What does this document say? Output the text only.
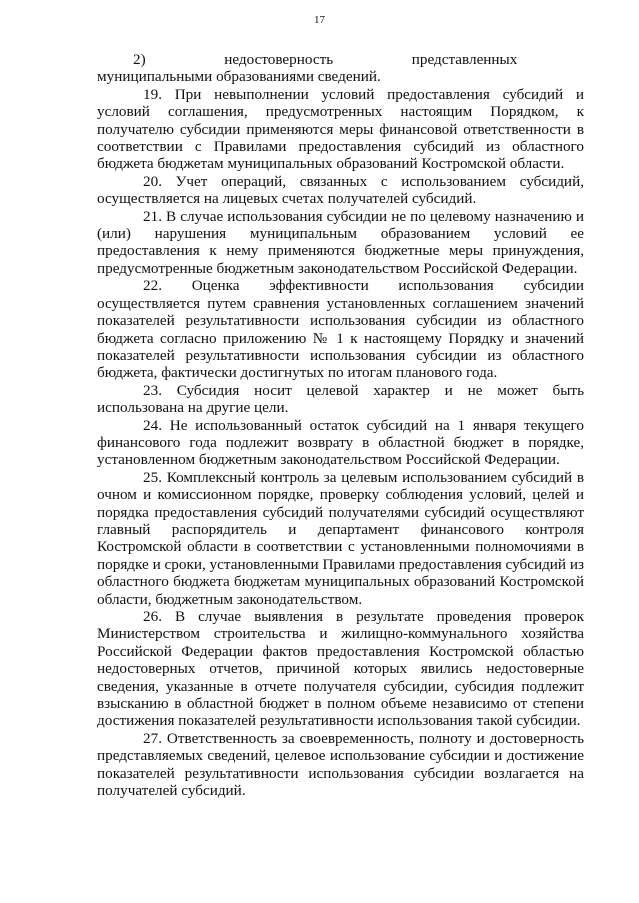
17

2)          недостоверность          представленных          муниципальными образованиями сведений.

19. При невыполнении условий предоставления субсидий и условий соглашения, предусмотренных настоящим Порядком, к получателю субсидии применяются меры финансовой ответственности в соответствии с Правилами предоставления субсидий из областного бюджета бюджетам муниципальных образований Костромской области.

20. Учет операций, связанных с использованием субсидий, осуществляется на лицевых счетах получателей субсидий.

21. В случае использования субсидии не по целевому назначению и (или) нарушения муниципальным образованием условий ее предоставления к нему применяются бюджетные меры принуждения, предусмотренные бюджетным законодательством Российской Федерации.

22. Оценка эффективности использования субсидии осуществляется путем сравнения установленных соглашением значений показателей результативности использования субсидии из областного бюджета согласно приложению № 1 к настоящему Порядку и значений показателей результативности использования субсидии из областного бюджета, фактически достигнутых по итогам планового года.

23. Субсидия носит целевой характер и не может быть использована на другие цели.

24. Не использованный остаток субсидий на 1 января текущего финансового года подлежит возврату в областной бюджет в порядке, установленном бюджетным законодательством Российской Федерации.

25. Комплексный контроль за целевым использованием субсидий в очном и комиссионном порядке, проверку соблюдения условий, целей и порядка предоставления субсидий получателями субсидий осуществляют главный распорядитель и департамент финансового контроля Костромской области в соответствии с установленными полномочиями в порядке и сроки, установленными Правилами предоставления субсидий из областного бюджета бюджетам муниципальных образований Костромской области, бюджетным законодательством.

26. В случае выявления в результате проведения проверок Министерством строительства и жилищно-коммунального хозяйства Российской Федерации фактов предоставления Костромской областью недостоверных отчетов, причиной которых явились недостоверные сведения, указанные в отчете получателя субсидии, субсидия подлежит взысканию в областной бюджет в полном объеме независимо от степени достижения показателей результативности использования такой субсидии.

27. Ответственность за своевременность, полноту и достоверность представляемых сведений, целевое использование субсидии и достижение показателей результативности использования субсидии возлагается на получателей субсидий.
